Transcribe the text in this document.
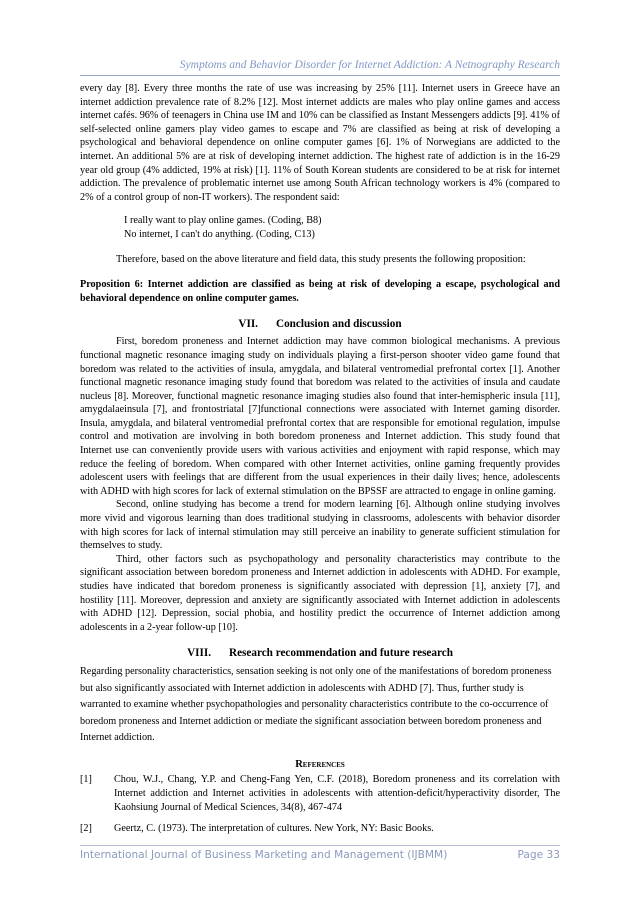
Symptoms and Behavior Disorder for Internet Addiction: A Netnography Research

every day [8]. Every three months the rate of use was increasing by 25% [11]. Internet users in Greece have an internet addiction prevalence rate of 8.2% [12]. Most internet addicts are males who play online games and access internet cafés. 96% of teenagers in China use IM and 10% can be classified as Instant Messengers addicts [9]. 41% of self-selected online gamers play video games to escape and 7% are classified as being at risk of developing a psychological and behavioral dependence on online computer games [6]. 1% of Norwegians are addicted to the internet. An additional 5% are at risk of developing internet addiction. The highest rate of addiction is in the 16-29 year old group (4% addicted, 19% at risk) [1]. 11% of South Korean students are considered to be at risk for internet addiction. The prevalence of problematic internet use among South African technology workers is 4% (compared to 2% of a control group of non-IT workers). The respondent said:

I really want to play online games. (Coding, B8)

No internet, I can't do anything. (Coding, C13)

Therefore, based on the above literature and field data, this study presents the following proposition:

Proposition 6: Internet addiction are classified as being at risk of developing a escape, psychological and behavioral dependence on online computer games.

VII. Conclusion and discussion

First, boredom proneness and Internet addiction may have common biological mechanisms. A previous functional magnetic resonance imaging study on individuals playing a first-person shooter video game found that boredom was related to the activities of insula, amygdala, and bilateral ventromedial prefrontal cortex [1]. Another functional magnetic resonance imaging study found that boredom was related to the activities of insula and caudate nucleus [8]. Moreover, functional magnetic resonance imaging studies also found that inter-hemispheric insula [11], amygdalaeinsula [7], and frontostriatal [7]functional connections were associated with Internet gaming disorder. Insula, amygdala, and bilateral ventromedial prefrontal cortex that are responsible for emotional regulation, impulse control and motivation are involving in both boredom proneness and Internet addiction. This study found that Internet use can conveniently provide users with various activities and enjoyment with rapid response, which may reduce the feeling of boredom. When compared with other Internet activities, online gaming frequently provides adolescent users with feelings that are different from the usual experiences in their daily lives; hence, adolescents with ADHD with high scores for lack of external stimulation on the BPSSF are attracted to engage in online gaming.

Second, online studying has become a trend for modern learning [6]. Although online studying involves more vivid and vigorous learning than does traditional studying in classrooms, adolescents with behavior disorder with high scores for lack of internal stimulation may still perceive an inability to generate sufficient stimulation for themselves to study.

Third, other factors such as psychopathology and personality characteristics may contribute to the significant association between boredom proneness and Internet addiction in adolescents with ADHD. For example, studies have indicated that boredom proneness is significantly associated with depression [1], anxiety [7], and hostility [11]. Moreover, depression and anxiety are significantly associated with Internet addiction in adolescents with ADHD [12]. Depression, social phobia, and hostility predict the occurrence of Internet addiction among adolescents in a 2-year follow-up [10].

VIII. Research recommendation and future research

Regarding personality characteristics, sensation seeking is not only one of the manifestations of boredom proneness but also significantly associated with Internet addiction in adolescents with ADHD [7]. Thus, further study is warranted to examine whether psychopathologies and personality characteristics contribute to the co-occurrence of boredom proneness and Internet addiction or mediate the significant association between boredom proneness and Internet addiction.

References
[1]	Chou, W.J., Chang, Y.P. and Cheng-Fang Yen, C.F. (2018), Boredom proneness and its correlation with Internet addiction and Internet activities in adolescents with attention-deficit/hyperactivity disorder, The Kaohsiung Journal of Medical Sciences, 34(8), 467-474
[2]	Geertz, C. (1973). The interpretation of cultures. New York, NY: Basic Books.
International Journal of Business Marketing and Management (IJBMM)	Page 33
